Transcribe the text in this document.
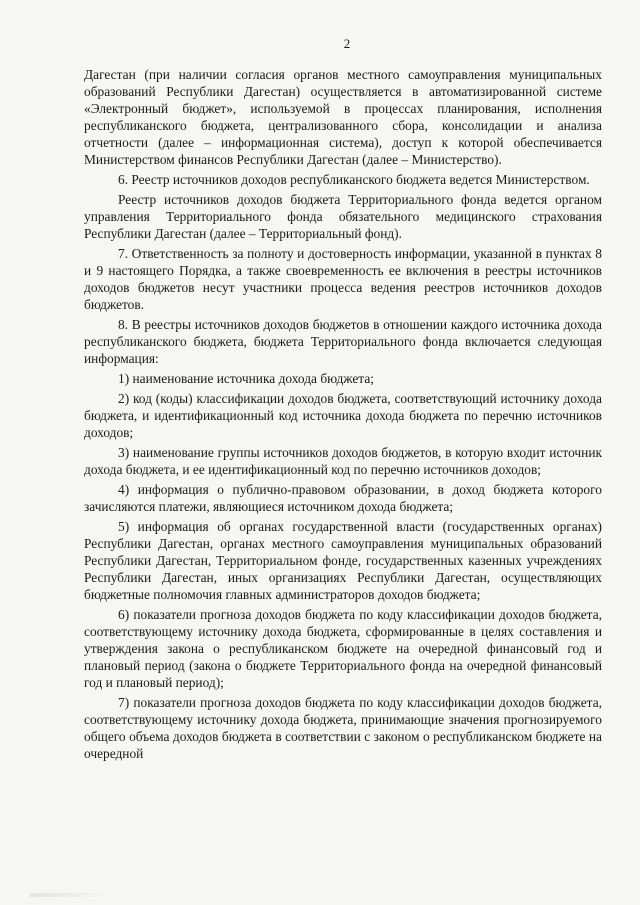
2

Дагестан (при наличии согласия органов местного самоуправления муниципальных образований Республики Дагестан) осуществляется в автоматизированной системе «Электронный бюджет», используемой в процессах планирования, исполнения республиканского бюджета, централизованного сбора, консолидации и анализа отчетности (далее – информационная система), доступ к которой обеспечивается Министерством финансов Республики Дагестан (далее – Министерство).

6. Реестр источников доходов республиканского бюджета ведется Министерством.

Реестр источников доходов бюджета Территориального фонда ведется органом управления Территориального фонда обязательного медицинского страхования Республики Дагестан (далее – Территориальный фонд).

7. Ответственность за полноту и достоверность информации, указанной в пунктах 8 и 9 настоящего Порядка, а также своевременность ее включения в реестры источников доходов бюджетов несут участники процесса ведения реестров источников доходов бюджетов.

8. В реестры источников доходов бюджетов в отношении каждого источника дохода республиканского бюджета, бюджета Территориального фонда включается следующая информация:

1) наименование источника дохода бюджета;

2) код (коды) классификации доходов бюджета, соответствующий источнику дохода бюджета, и идентификационный код источника дохода бюджета по перечню источников доходов;

3) наименование группы источников доходов бюджетов, в которую входит источник дохода бюджета, и ее идентификационный код по перечню источников доходов;

4) информация о публично-правовом образовании, в доход бюджета которого зачисляются платежи, являющиеся источником дохода бюджета;

5) информация об органах государственной власти (государственных органах) Республики Дагестан, органах местного самоуправления муниципальных образований Республики Дагестан, Территориальном фонде, государственных казенных учреждениях Республики Дагестан, иных организациях Республики Дагестан, осуществляющих бюджетные полномочия главных администраторов доходов бюджета;

6) показатели прогноза доходов бюджета по коду классификации доходов бюджета, соответствующему источнику дохода бюджета, сформированные в целях составления и утверждения закона о республиканском бюджете на очередной финансовый год и плановый период (закона о бюджете Территориального фонда на очередной финансовый год и плановый период);

7) показатели прогноза доходов бюджета по коду классификации доходов бюджета, соответствующему источнику дохода бюджета, принимающие значения прогнозируемого общего объема доходов бюджета в соответствии с законом о республиканском бюджете на очередной
